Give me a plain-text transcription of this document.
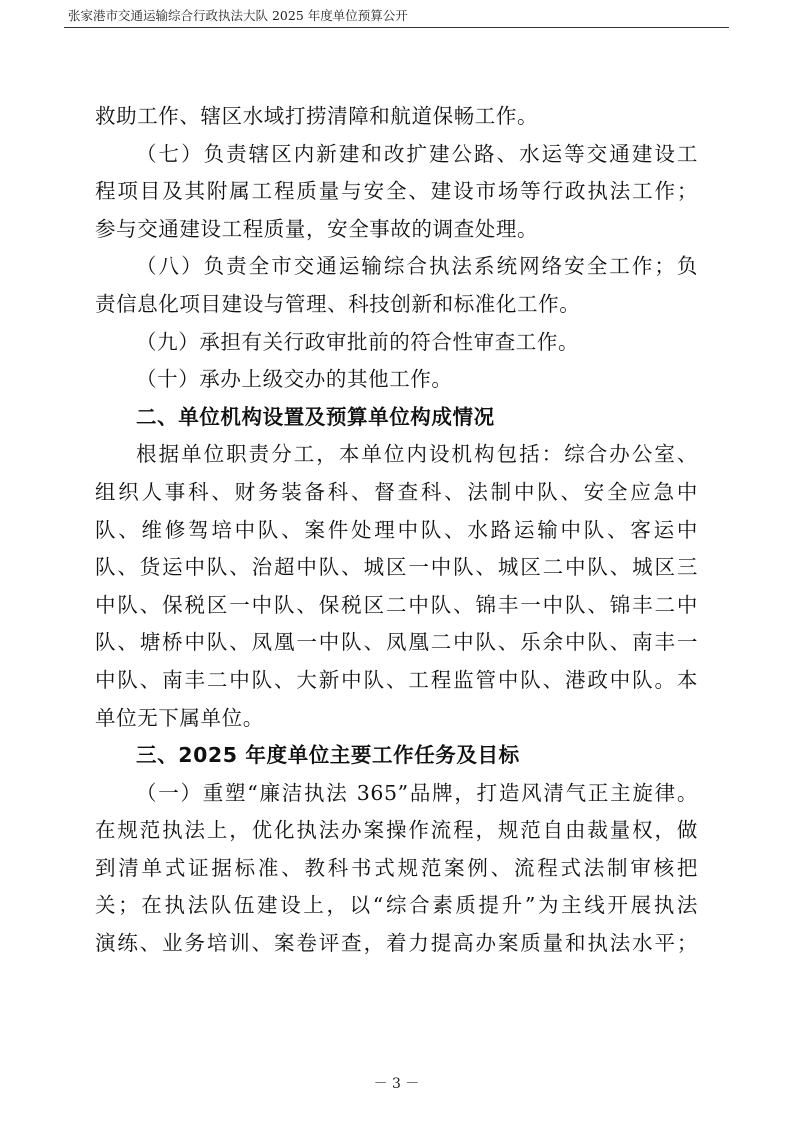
张家港市交通运输综合行政执法大队 2025 年度单位预算公开
救助工作、辖区水域打捞清障和航道保畅工作。
（七）负责辖区内新建和改扩建公路、水运等交通建设工
程项目及其附属工程质量与安全、建设市场等行政执法工作；
参与交通建设工程质量，安全事故的调查处理。
（八）负责全市交通运输综合执法系统网络安全工作；负
责信息化项目建设与管理、科技创新和标准化工作。
（九）承担有关行政审批前的符合性审查工作。
（十）承办上级交办的其他工作。
二、单位机构设置及预算单位构成情况
根据单位职责分工，本单位内设机构包括：综合办公室、
组织人事科、财务装备科、督查科、法制中队、安全应急中
队、维修驾培中队、案件处理中队、水路运输中队、客运中
队、货运中队、治超中队、城区一中队、城区二中队、城区三
中队、保税区一中队、保税区二中队、锦丰一中队、锦丰二中
队、塘桥中队、凤凰一中队、凤凰二中队、乐余中队、南丰一
中队、南丰二中队、大新中队、工程监管中队、港政中队。本
单位无下属单位。
三、2025 年度单位主要工作任务及目标
（一）重塑“廉洁执法 365”品牌，打造风清气正主旋律。
在规范执法上，优化执法办案操作流程，规范自由裁量权，做
到清单式证据标准、教科书式规范案例、流程式法制审核把
关；在执法队伍建设上，以“综合素质提升”为主线开展执法
演练、业务培训、案卷评查，着力提高办案质量和执法水平；
－ 3 －
